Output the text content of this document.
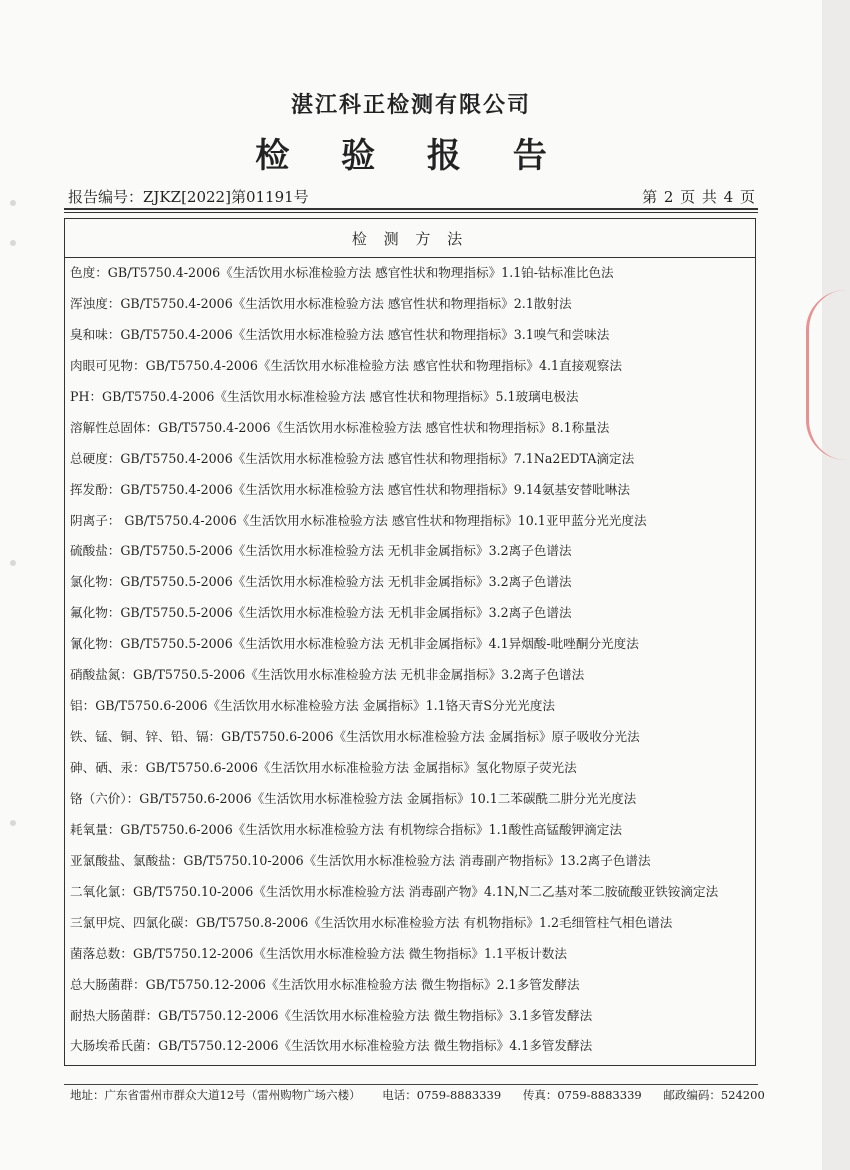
湛江科正检测有限公司
检 验 报 告
报告编号：ZJKZ[2022]第01191号	第 2 页 共 4 页
检 测 方 法
色度：GB/T5750.4-2006《生活饮用水标准检验方法 感官性状和物理指标》1.1铂-钴标准比色法
浑浊度：GB/T5750.4-2006《生活饮用水标准检验方法 感官性状和物理指标》2.1散射法
臭和味：GB/T5750.4-2006《生活饮用水标准检验方法 感官性状和物理指标》3.1嗅气和尝味法
肉眼可见物：GB/T5750.4-2006《生活饮用水标准检验方法 感官性状和物理指标》4.1直接观察法
PH：GB/T5750.4-2006《生活饮用水标准检验方法 感官性状和物理指标》5.1玻璃电极法
溶解性总固体：GB/T5750.4-2006《生活饮用水标准检验方法 感官性状和物理指标》8.1称量法
总硬度：GB/T5750.4-2006《生活饮用水标准检验方法 感官性状和物理指标》7.1Na2EDTA滴定法
挥发酚：GB/T5750.4-2006《生活饮用水标准检验方法 感官性状和物理指标》9.14氨基安替吡啉法
阴离子： GB/T5750.4-2006《生活饮用水标准检验方法 感官性状和物理指标》10.1亚甲蓝分光光度法
硫酸盐：GB/T5750.5-2006《生活饮用水标准检验方法 无机非金属指标》3.2离子色谱法
氯化物：GB/T5750.5-2006《生活饮用水标准检验方法 无机非金属指标》3.2离子色谱法
氟化物：GB/T5750.5-2006《生活饮用水标准检验方法 无机非金属指标》3.2离子色谱法
氰化物：GB/T5750.5-2006《生活饮用水标准检验方法 无机非金属指标》4.1异烟酸-吡唑酮分光度法
硝酸盐氮：GB/T5750.5-2006《生活饮用水标准检验方法 无机非金属指标》3.2离子色谱法
铝：GB/T5750.6-2006《生活饮用水标准检验方法 金属指标》1.1铬天青S分光光度法
铁、锰、铜、锌、铅、镉：GB/T5750.6-2006《生活饮用水标准检验方法 金属指标》原子吸收分光法
砷、硒、汞：GB/T5750.6-2006《生活饮用水标准检验方法 金属指标》氢化物原子荧光法
铬（六价）：GB/T5750.6-2006《生活饮用水标准检验方法 金属指标》10.1二苯碳酰二肼分光光度法
耗氧量：GB/T5750.6-2006《生活饮用水标准检验方法 有机物综合指标》1.1酸性高锰酸钾滴定法
亚氯酸盐、氯酸盐：GB/T5750.10-2006《生活饮用水标准检验方法 消毒副产物指标》13.2离子色谱法
二氧化氯：GB/T5750.10-2006《生活饮用水标准检验方法 消毒副产物》4.1N,N二乙基对苯二胺硫酸亚铁铵滴定法
三氯甲烷、四氯化碳：GB/T5750.8-2006《生活饮用水标准检验方法 有机物指标》1.2毛细管柱气相色谱法
菌落总数：GB/T5750.12-2006《生活饮用水标准检验方法 微生物指标》1.1平板计数法
总大肠菌群：GB/T5750.12-2006《生活饮用水标准检验方法 微生物指标》2.1多管发酵法
耐热大肠菌群：GB/T5750.12-2006《生活饮用水标准检验方法 微生物指标》3.1多管发酵法
大肠埃希氏菌：GB/T5750.12-2006《生活饮用水标准检验方法 微生物指标》4.1多管发酵法
地址：广东省雷州市群众大道12号（雷州购物广场六楼） 电话：0759-8883339 传真：0759-8883339 邮政编码：524200
